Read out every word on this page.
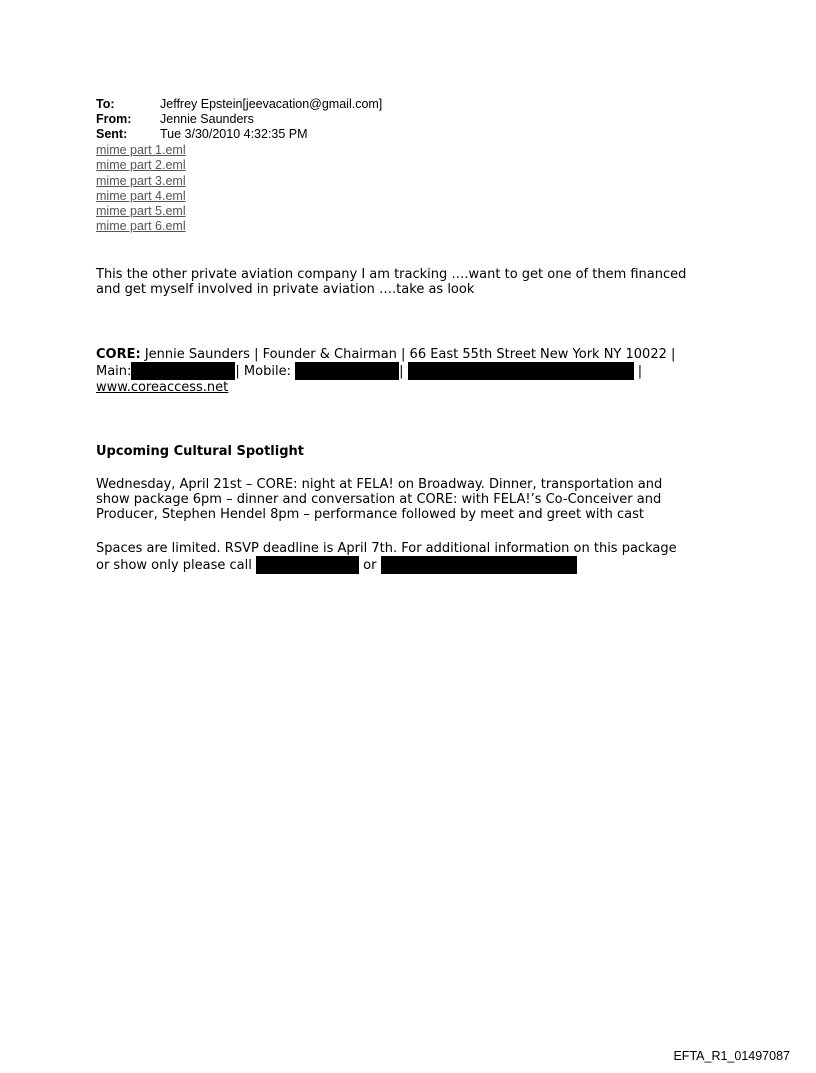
To:	Jeffrey Epstein[jeevacation@gmail.com]
From:	Jennie Saunders
Sent:	Tue 3/30/2010 4:32:35 PM
mime part 1.eml
mime part 2.eml
mime part 3.eml
mime part 4.eml
mime part 5.eml
mime part 6.eml
This the other private aviation company I am tracking ….want to get one of them financed
and get myself involved in private aviation ….take as look
CORE: Jennie Saunders | Founder & Chairman | 66 East 55th Street New York NY 10022 |
Main:	| Mobile:	|	|
www.coreaccess.net
Upcoming Cultural Spotlight
Wednesday, April 21st – CORE: night at FELA! on Broadway. Dinner, transportation and
show package 6pm – dinner and conversation at CORE: with FELA!’s Co-Conceiver and
Producer, Stephen Hendel 8pm – performance followed by meet and greet with cast
Spaces are limited. RSVP deadline is April 7th. For additional information on this package
or show only please call	or
EFTA_R1_01497087
